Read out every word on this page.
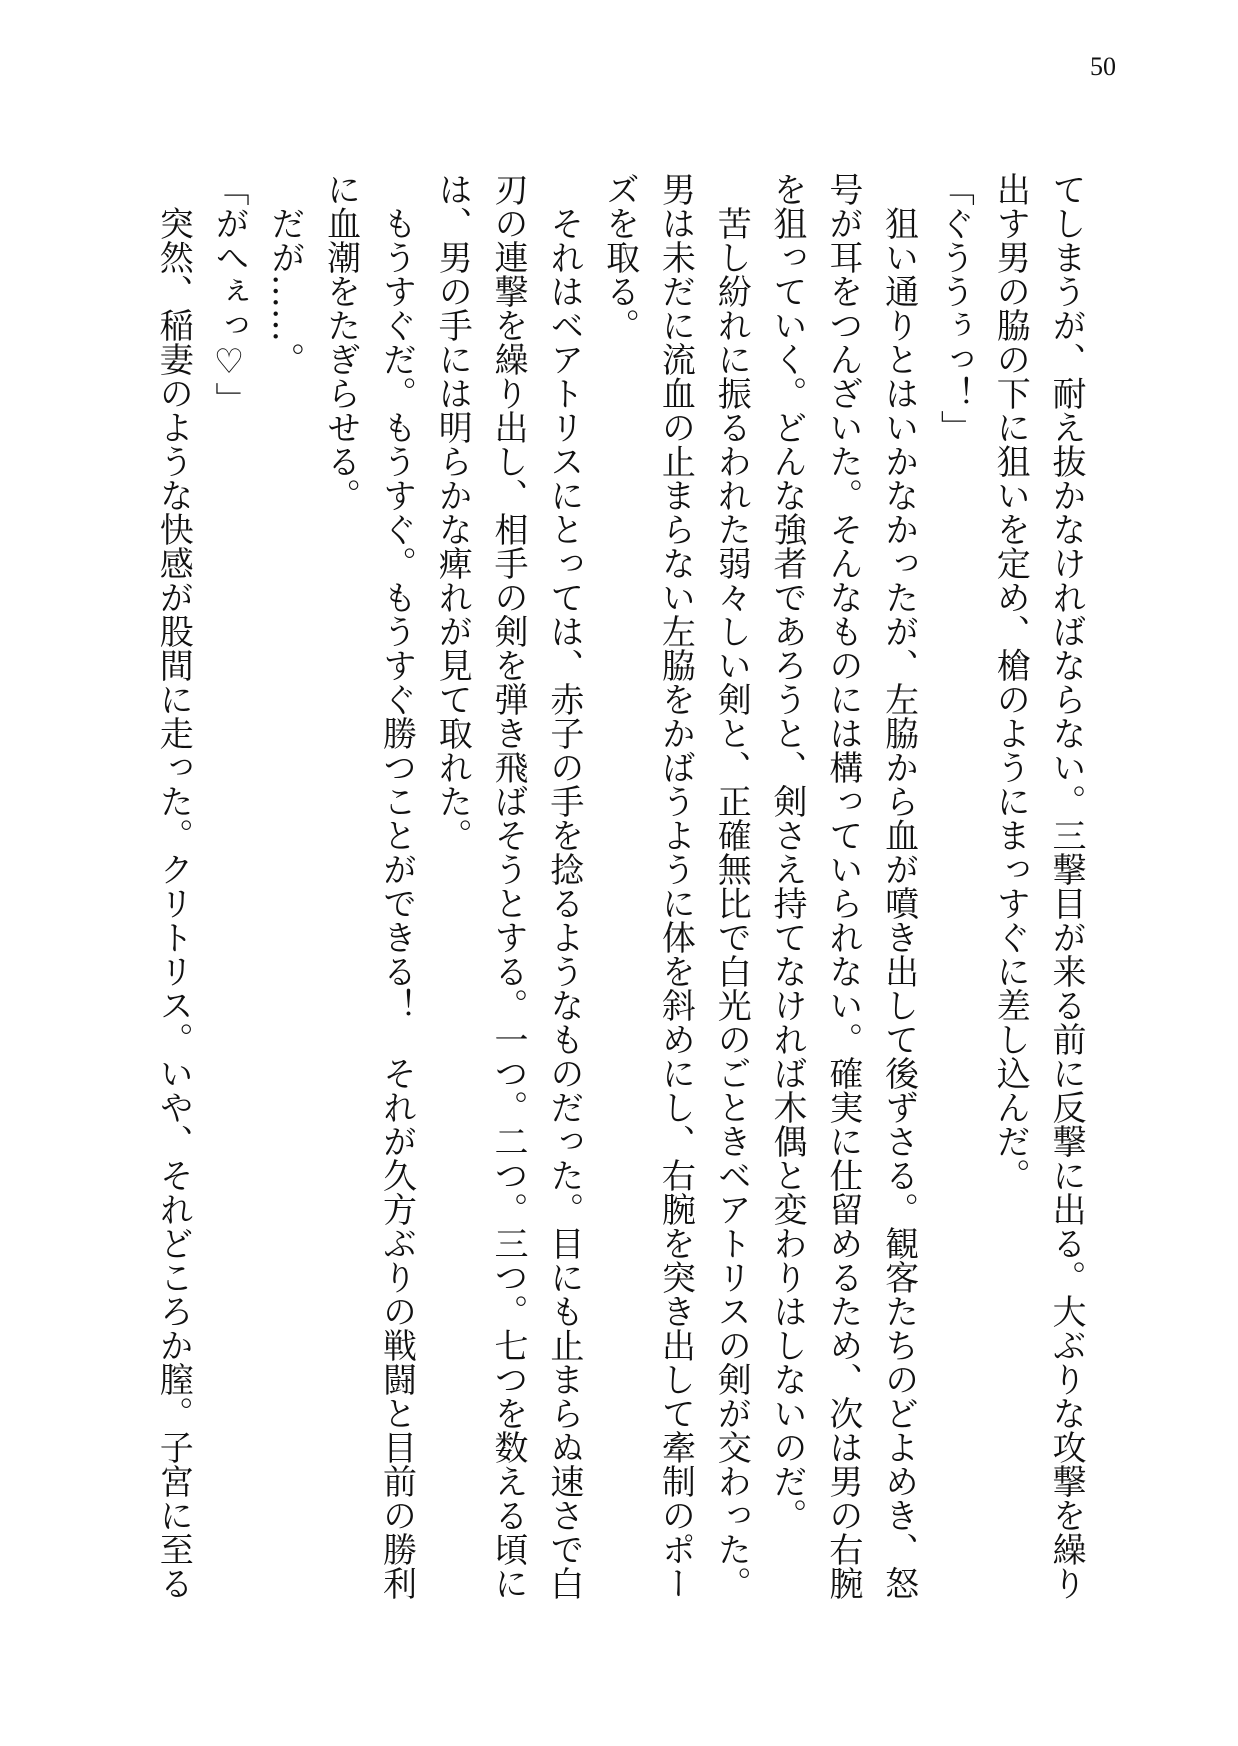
50
てしまうが、耐え抜かなければならない。三撃目が来る前に反撃に出る。大ぶりな攻撃を繰り
出す男の脇の下に狙いを定め、槍のようにまっすぐに差し込んだ。
「ぐううぅっ！」
狙い通りとはいかなかったが、左脇から血が噴き出して後ずさる。観客たちのどよめき、怒
号が耳をつんざいた。そんなものには構っていられない。確実に仕留めるため、次は男の右腕
を狙っていく。どんな強者であろうと、剣さえ持てなければ木偶と変わりはしないのだ。
苦し紛れに振るわれた弱々しい剣と、正確無比で白光のごときベアトリスの剣が交わった。
男は未だに流血の止まらない左脇をかばうように体を斜めにし、右腕を突き出して牽制のポー
ズを取る。
それはベアトリスにとっては、赤子の手を捻るようなものだった。目にも止まらぬ速さで白
刃の連撃を繰り出し、相手の剣を弾き飛ばそうとする。一つ。二つ。三つ。七つを数える頃に
は、男の手には明らかな痺れが見て取れた。
もうすぐだ。もうすぐ。もうすぐ勝つことができる！　それが久方ぶりの戦闘と目前の勝利
に血潮をたぎらせる。
だが……。
「がへぇっ♡」
突然、稲妻のような快感が股間に走った。クリトリス。いや、それどころか膣。子宮に至る
